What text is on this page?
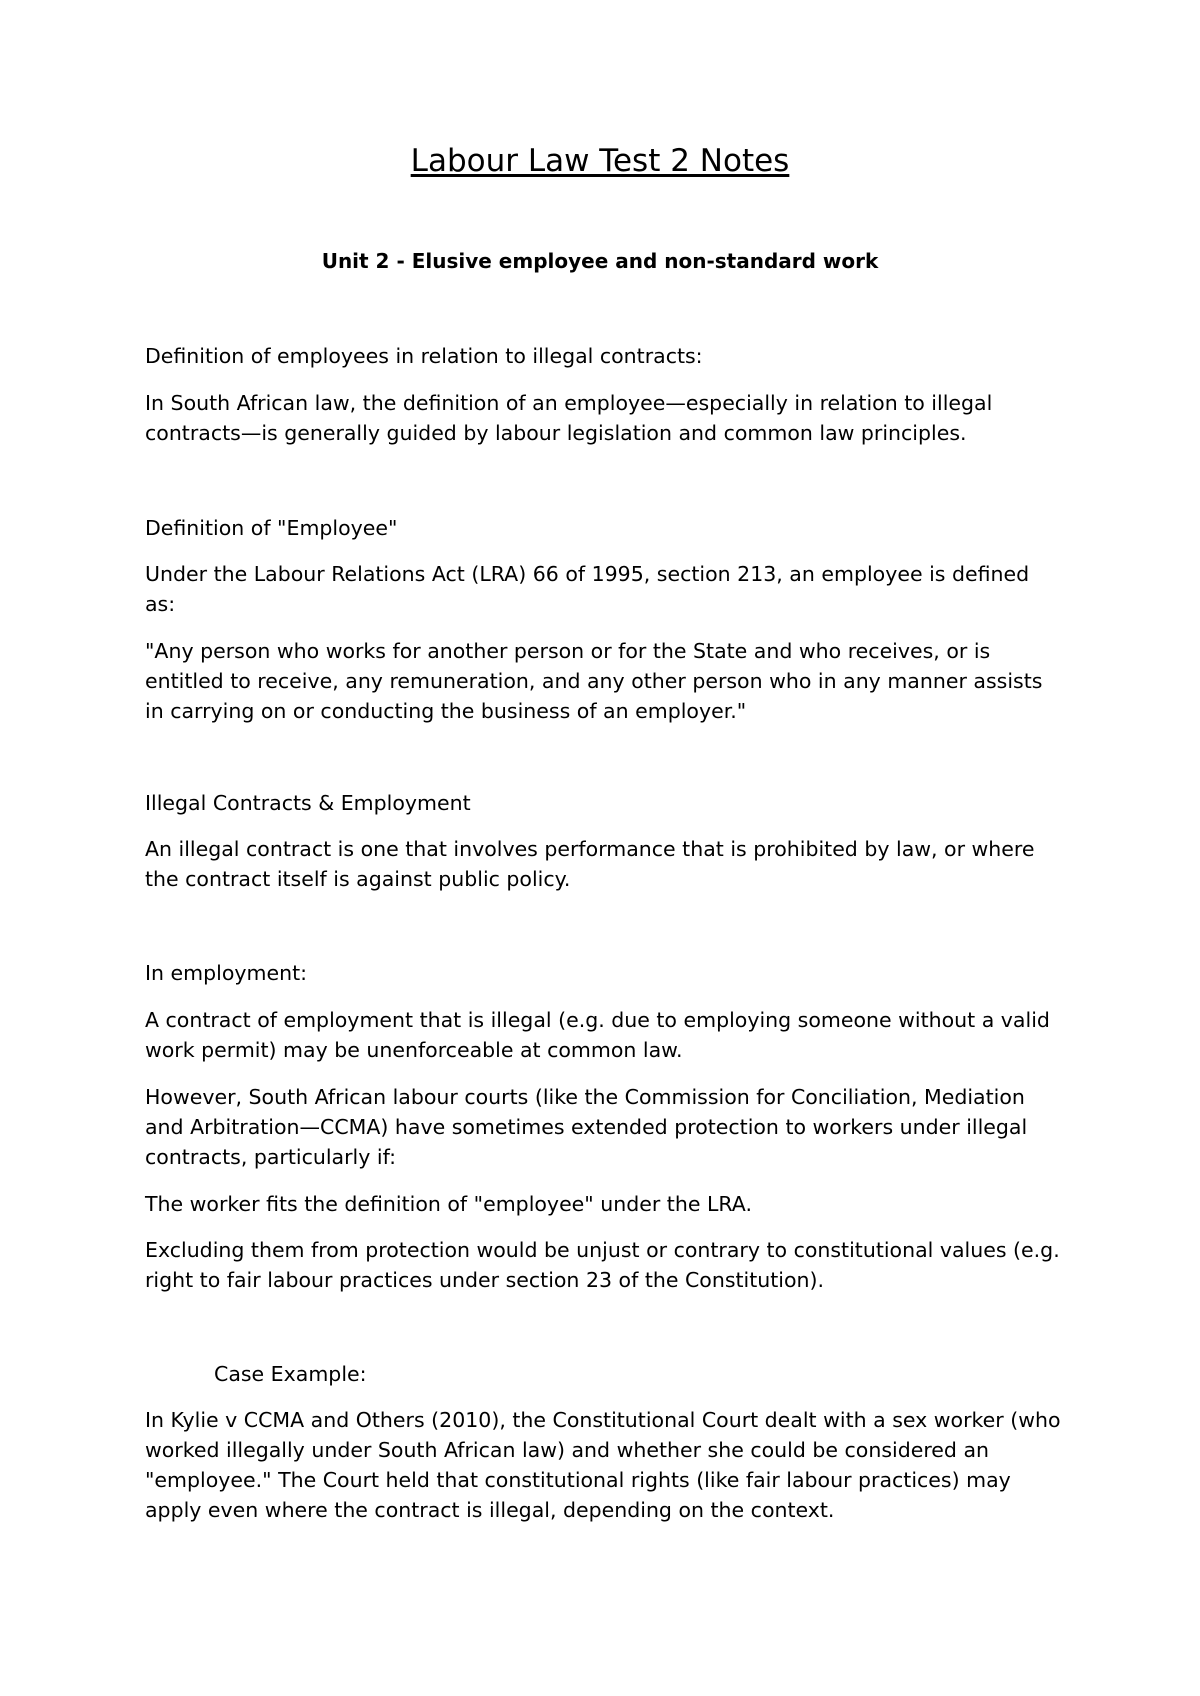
Labour Law Test 2 Notes
Unit 2 - Elusive employee and non-standard work

Definition of employees in relation to illegal contracts:

In South African law, the definition of an employee—especially in relation to illegal contracts—is generally guided by labour legislation and common law principles.

Definition of "Employee"

Under the Labour Relations Act (LRA) 66 of 1995, section 213, an employee is defined as:

"Any person who works for another person or for the State and who receives, or is entitled to receive, any remuneration, and any other person who in any manner assists in carrying on or conducting the business of an employer."

Illegal Contracts & Employment

An illegal contract is one that involves performance that is prohibited by law, or where the contract itself is against public policy.

In employment:

A contract of employment that is illegal (e.g. due to employing someone without a valid work permit) may be unenforceable at common law.

However, South African labour courts (like the Commission for Conciliation, Mediation and Arbitration—CCMA) have sometimes extended protection to workers under illegal contracts, particularly if:

The worker fits the definition of "employee" under the LRA.

Excluding them from protection would be unjust or contrary to constitutional values (e.g. right to fair labour practices under section 23 of the Constitution).

Case Example:

In Kylie v CCMA and Others (2010), the Constitutional Court dealt with a sex worker (who worked illegally under South African law) and whether she could be considered an "employee." The Court held that constitutional rights (like fair labour practices) may apply even where the contract is illegal, depending on the context.
